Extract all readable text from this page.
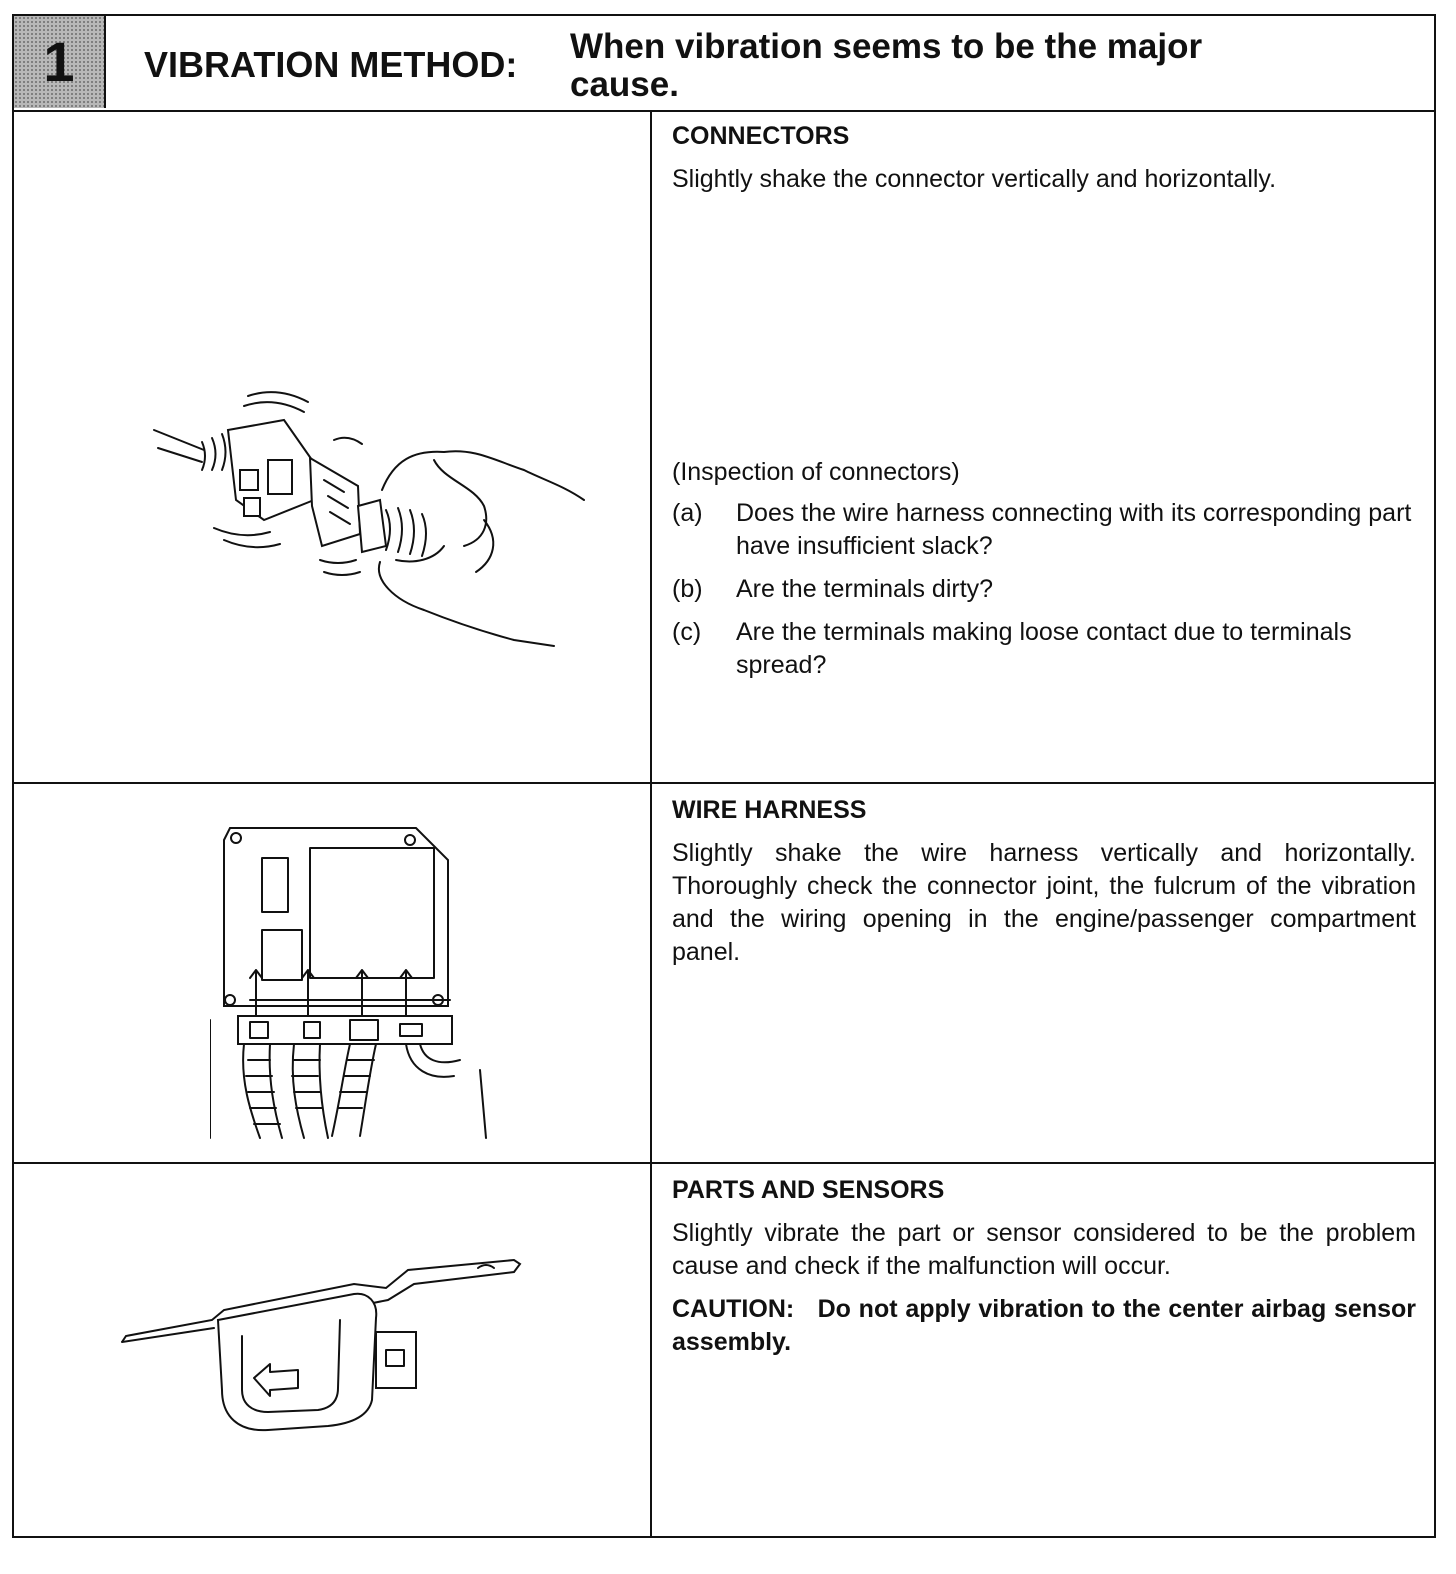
1 VIBRATION METHOD: When vibration seems to be the major cause.

CONNECTORS

Slightly shake the connector vertically and horizontally.

(Inspection of connectors)

(a)	Does the wire harness connecting with its corresponding part have insufficient slack?
(b)	Are the terminals dirty?
(c)	Are the terminals making loose contact due to terminals spread?

WIRE HARNESS

Slightly shake the wire harness vertically and horizontally. Thoroughly check the connector joint, the fulcrum of the vibration and the wiring opening in the engine/passenger compartment panel.

PARTS AND SENSORS

Slightly vibrate the part or sensor considered to be the problem cause and check if the malfunction will occur.

CAUTION: Do not apply vibration to the center airbag sensor assembly.
